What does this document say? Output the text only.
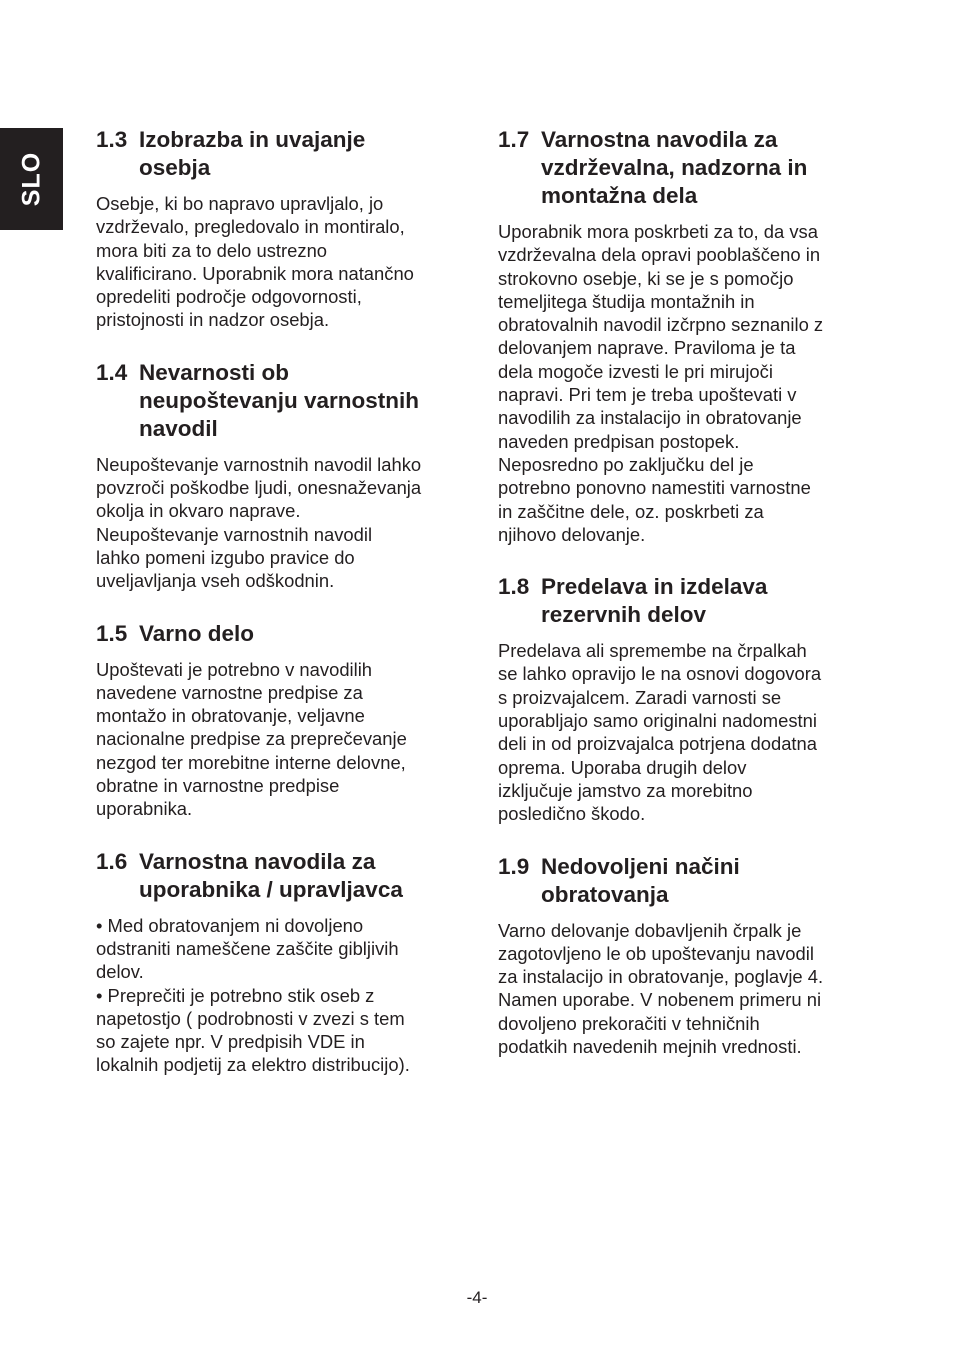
SLO
1.3 Izobrazba in uvajanje
osebja

Osebje, ki bo napravo upravljalo, jo
vzdrževalo, pregledovalo in montiralo,
mora biti za to delo ustrezno
kvalificirano. Uporabnik mora natančno
opredeliti področje odgovornosti,
pristojnosti in nadzor osebja.

1.4 Nevarnosti ob
neupoštevanju varnostnih
navodil

Neupoštevanje varnostnih navodil lahko
povzroči poškodbe ljudi, onesnaževanja
okolja in okvaro naprave.
Neupoštevanje varnostnih navodil
lahko pomeni izgubo pravice do
uveljavljanja vseh odškodnin.

1.5 Varno delo

Upoštevati je potrebno v navodilih
navedene varnostne predpise za
montažo in obratovanje, veljavne
nacionalne predpise za preprečevanje
nezgod ter morebitne interne delovne,
obratne in varnostne predpise
uporabnika.

1.6 Varnostna navodila za
uporabnika / upravljavca

• Med obratovanjem ni dovoljeno
odstraniti nameščene zaščite gibljivih
delov.
• Preprečiti je potrebno stik oseb z
napetostjo ( podrobnosti v zvezi s tem
so zajete npr. V predpisih VDE in
lokalnih podjetij za elektro distribucijo).

1.7 Varnostna navodila za
vzdrževalna, nadzorna in
montažna dela

Uporabnik mora poskrbeti za to, da vsa
vzdrževalna dela opravi pooblaščeno in
strokovno osebje, ki se je s pomočjo
temeljitega študija montažnih in
obratovalnih navodil izčrpno seznanilo z
delovanjem naprave. Praviloma je ta
dela mogoče izvesti le pri mirujoči
napravi. Pri tem je treba upoštevati v
navodilih za instalacijo in obratovanje
naveden predpisan postopek.
Neposredno po zaključku del je
potrebno ponovno namestiti varnostne
in zaščitne dele, oz. poskrbeti za
njihovo delovanje.

1.8 Predelava in izdelava
rezervnih delov

Predelava ali spremembe na črpalkah
se lahko opravijo le na osnovi dogovora
s proizvajalcem. Zaradi varnosti se
uporabljajo samo originalni nadomestni
deli in od proizvajalca potrjena dodatna
oprema. Uporaba drugih delov
izključuje jamstvo za morebitno
posledično škodo.

1.9 Nedovoljeni načini
obratovanja

Varno delovanje dobavljenih črpalk je
zagotovljeno le ob upoštevanju navodil
za instalacijo in obratovanje, poglavje 4.
Namen uporabe. V nobenem primeru ni
dovoljeno prekoračiti v tehničnih
podatkih navedenih mejnih vrednosti.

-4-
